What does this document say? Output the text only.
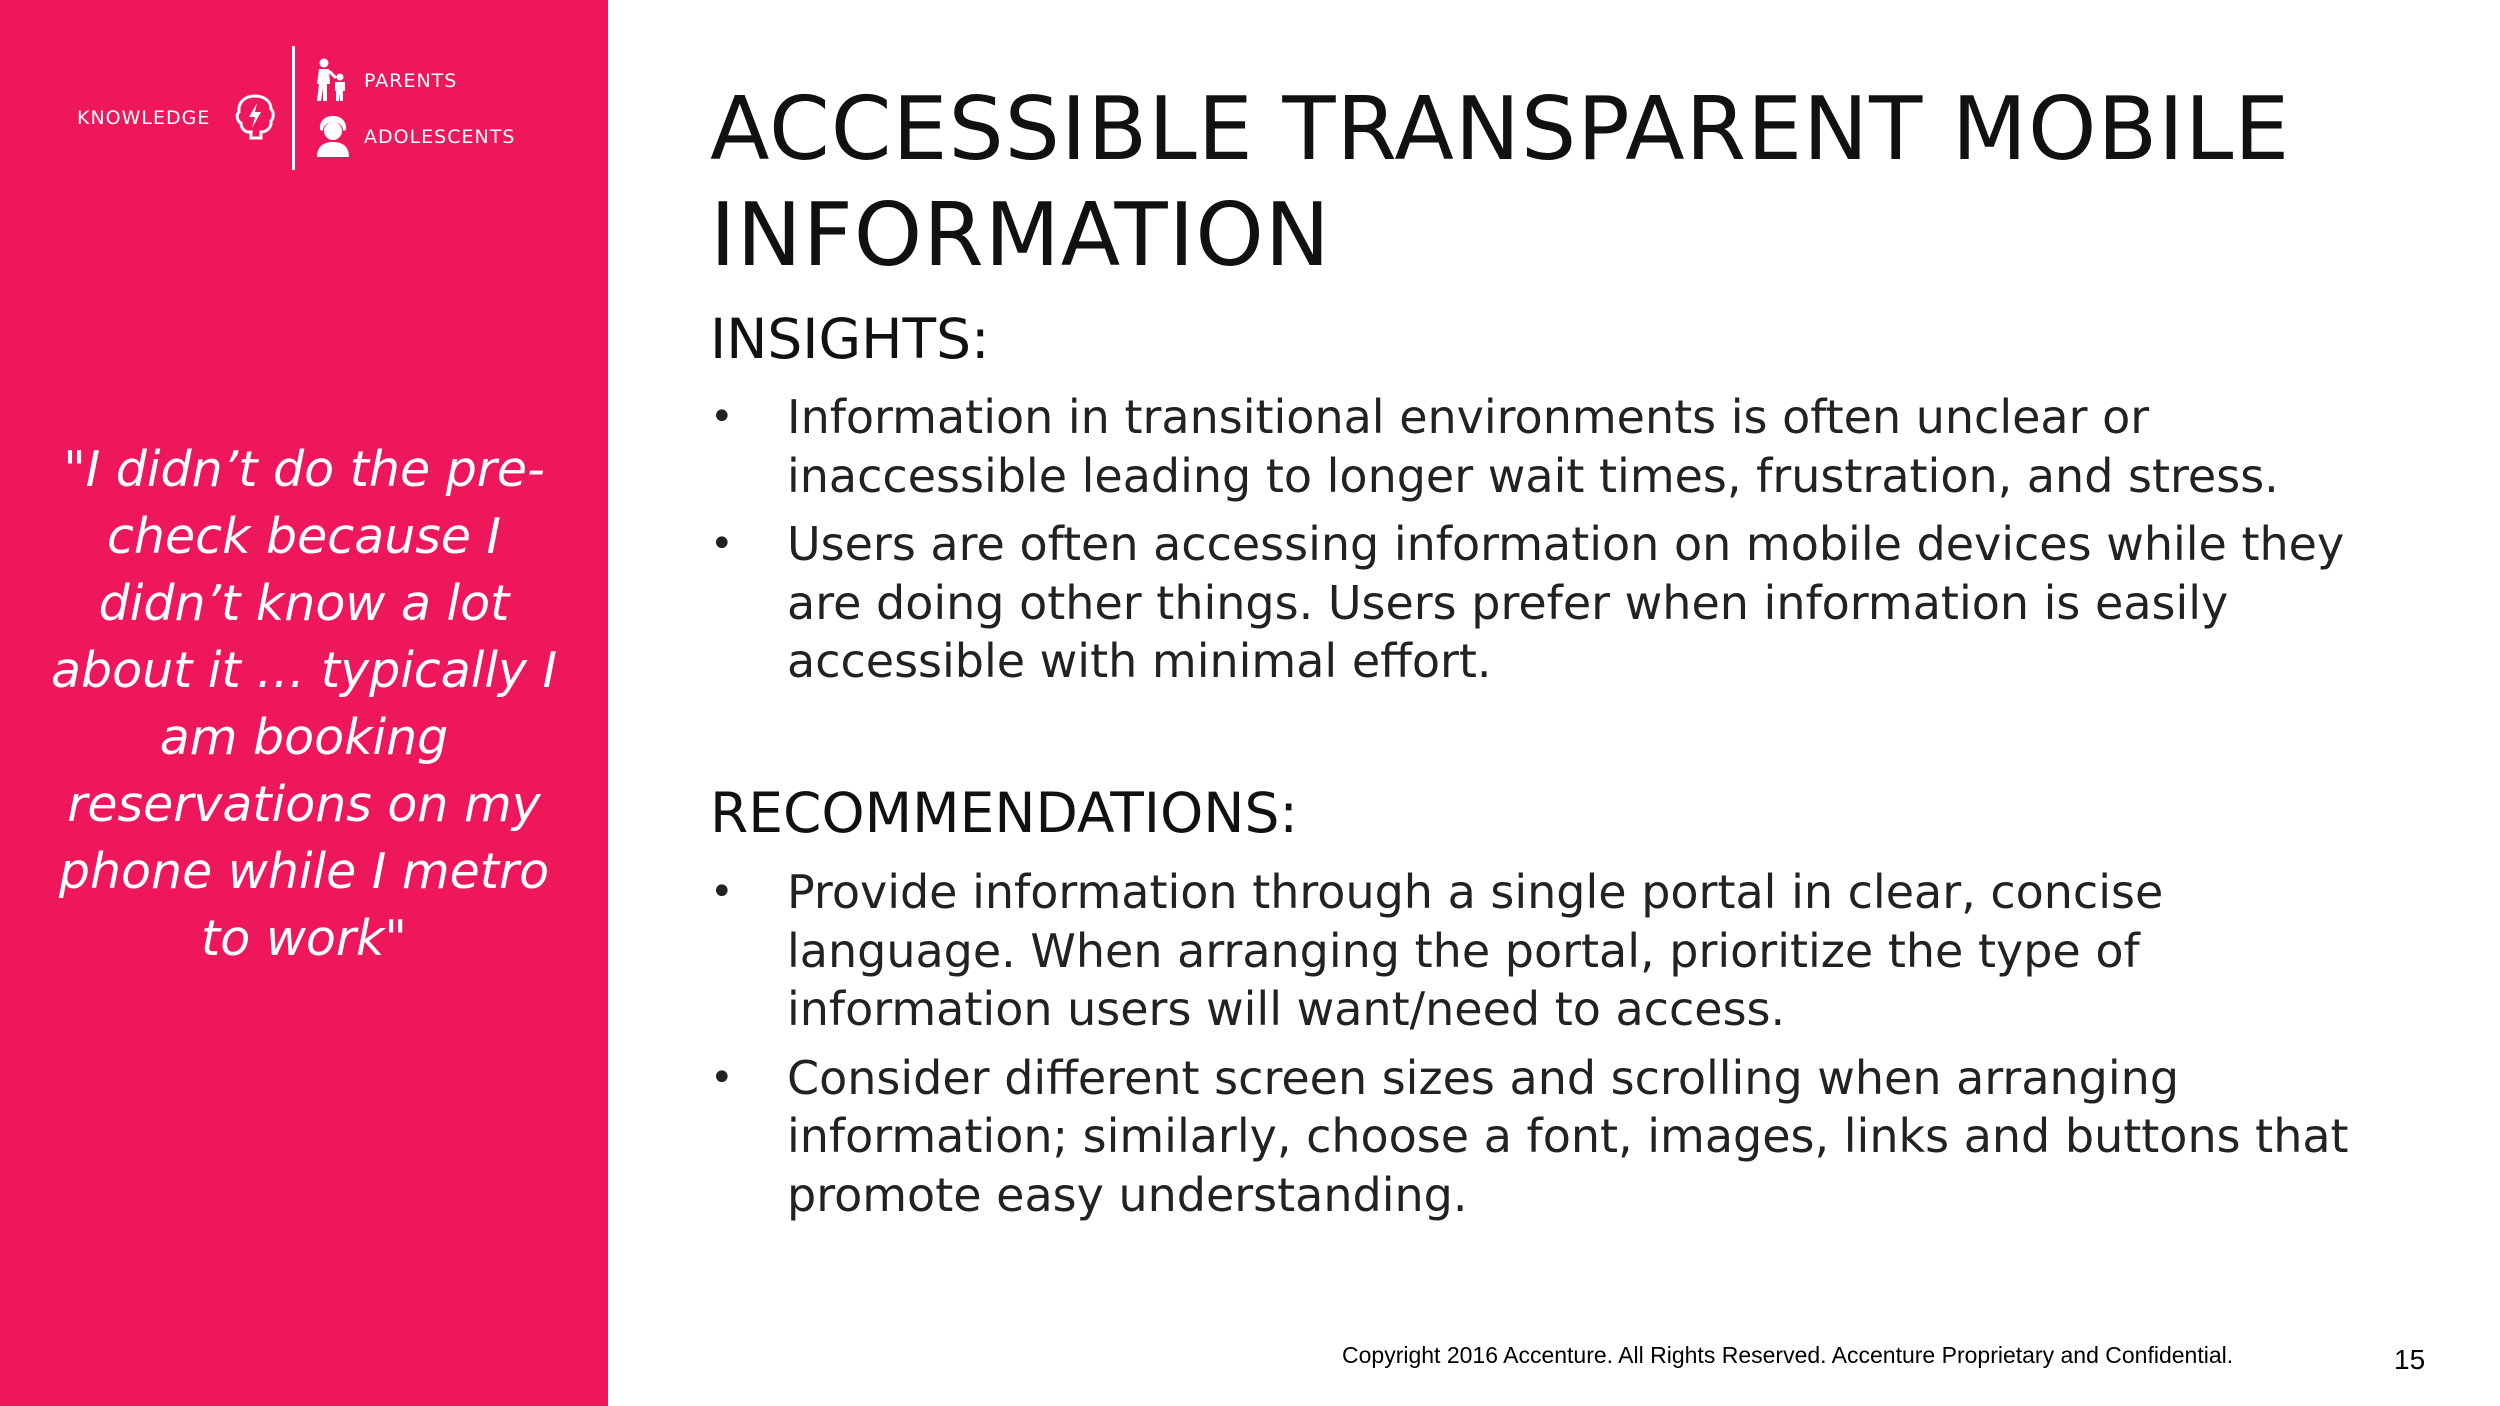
KNOWLEDGE
PARENTS
ADOLESCENTS
"I didn’t do the pre-
check because I
didn’t know a lot
about it … typically I
am booking
reservations on my
phone while I metro
to work"
ACCESSIBLE TRANSPARENT MOBILE
INFORMATION
INSIGHTS:
• Information in transitional environments is often unclear or
inaccessible leading to longer wait times, frustration, and stress.
• Users are often accessing information on mobile devices while they
are doing other things. Users prefer when information is easily
accessible with minimal effort.
RECOMMENDATIONS:
• Provide information through a single portal in clear, concise
language. When arranging the portal, prioritize the type of
information users will want/need to access.
• Consider different screen sizes and scrolling when arranging
information; similarly, choose a font, images, links and buttons that
promote easy understanding.
Copyright 2016 Accenture. All Rights Reserved. Accenture Proprietary and Confidential.	15
